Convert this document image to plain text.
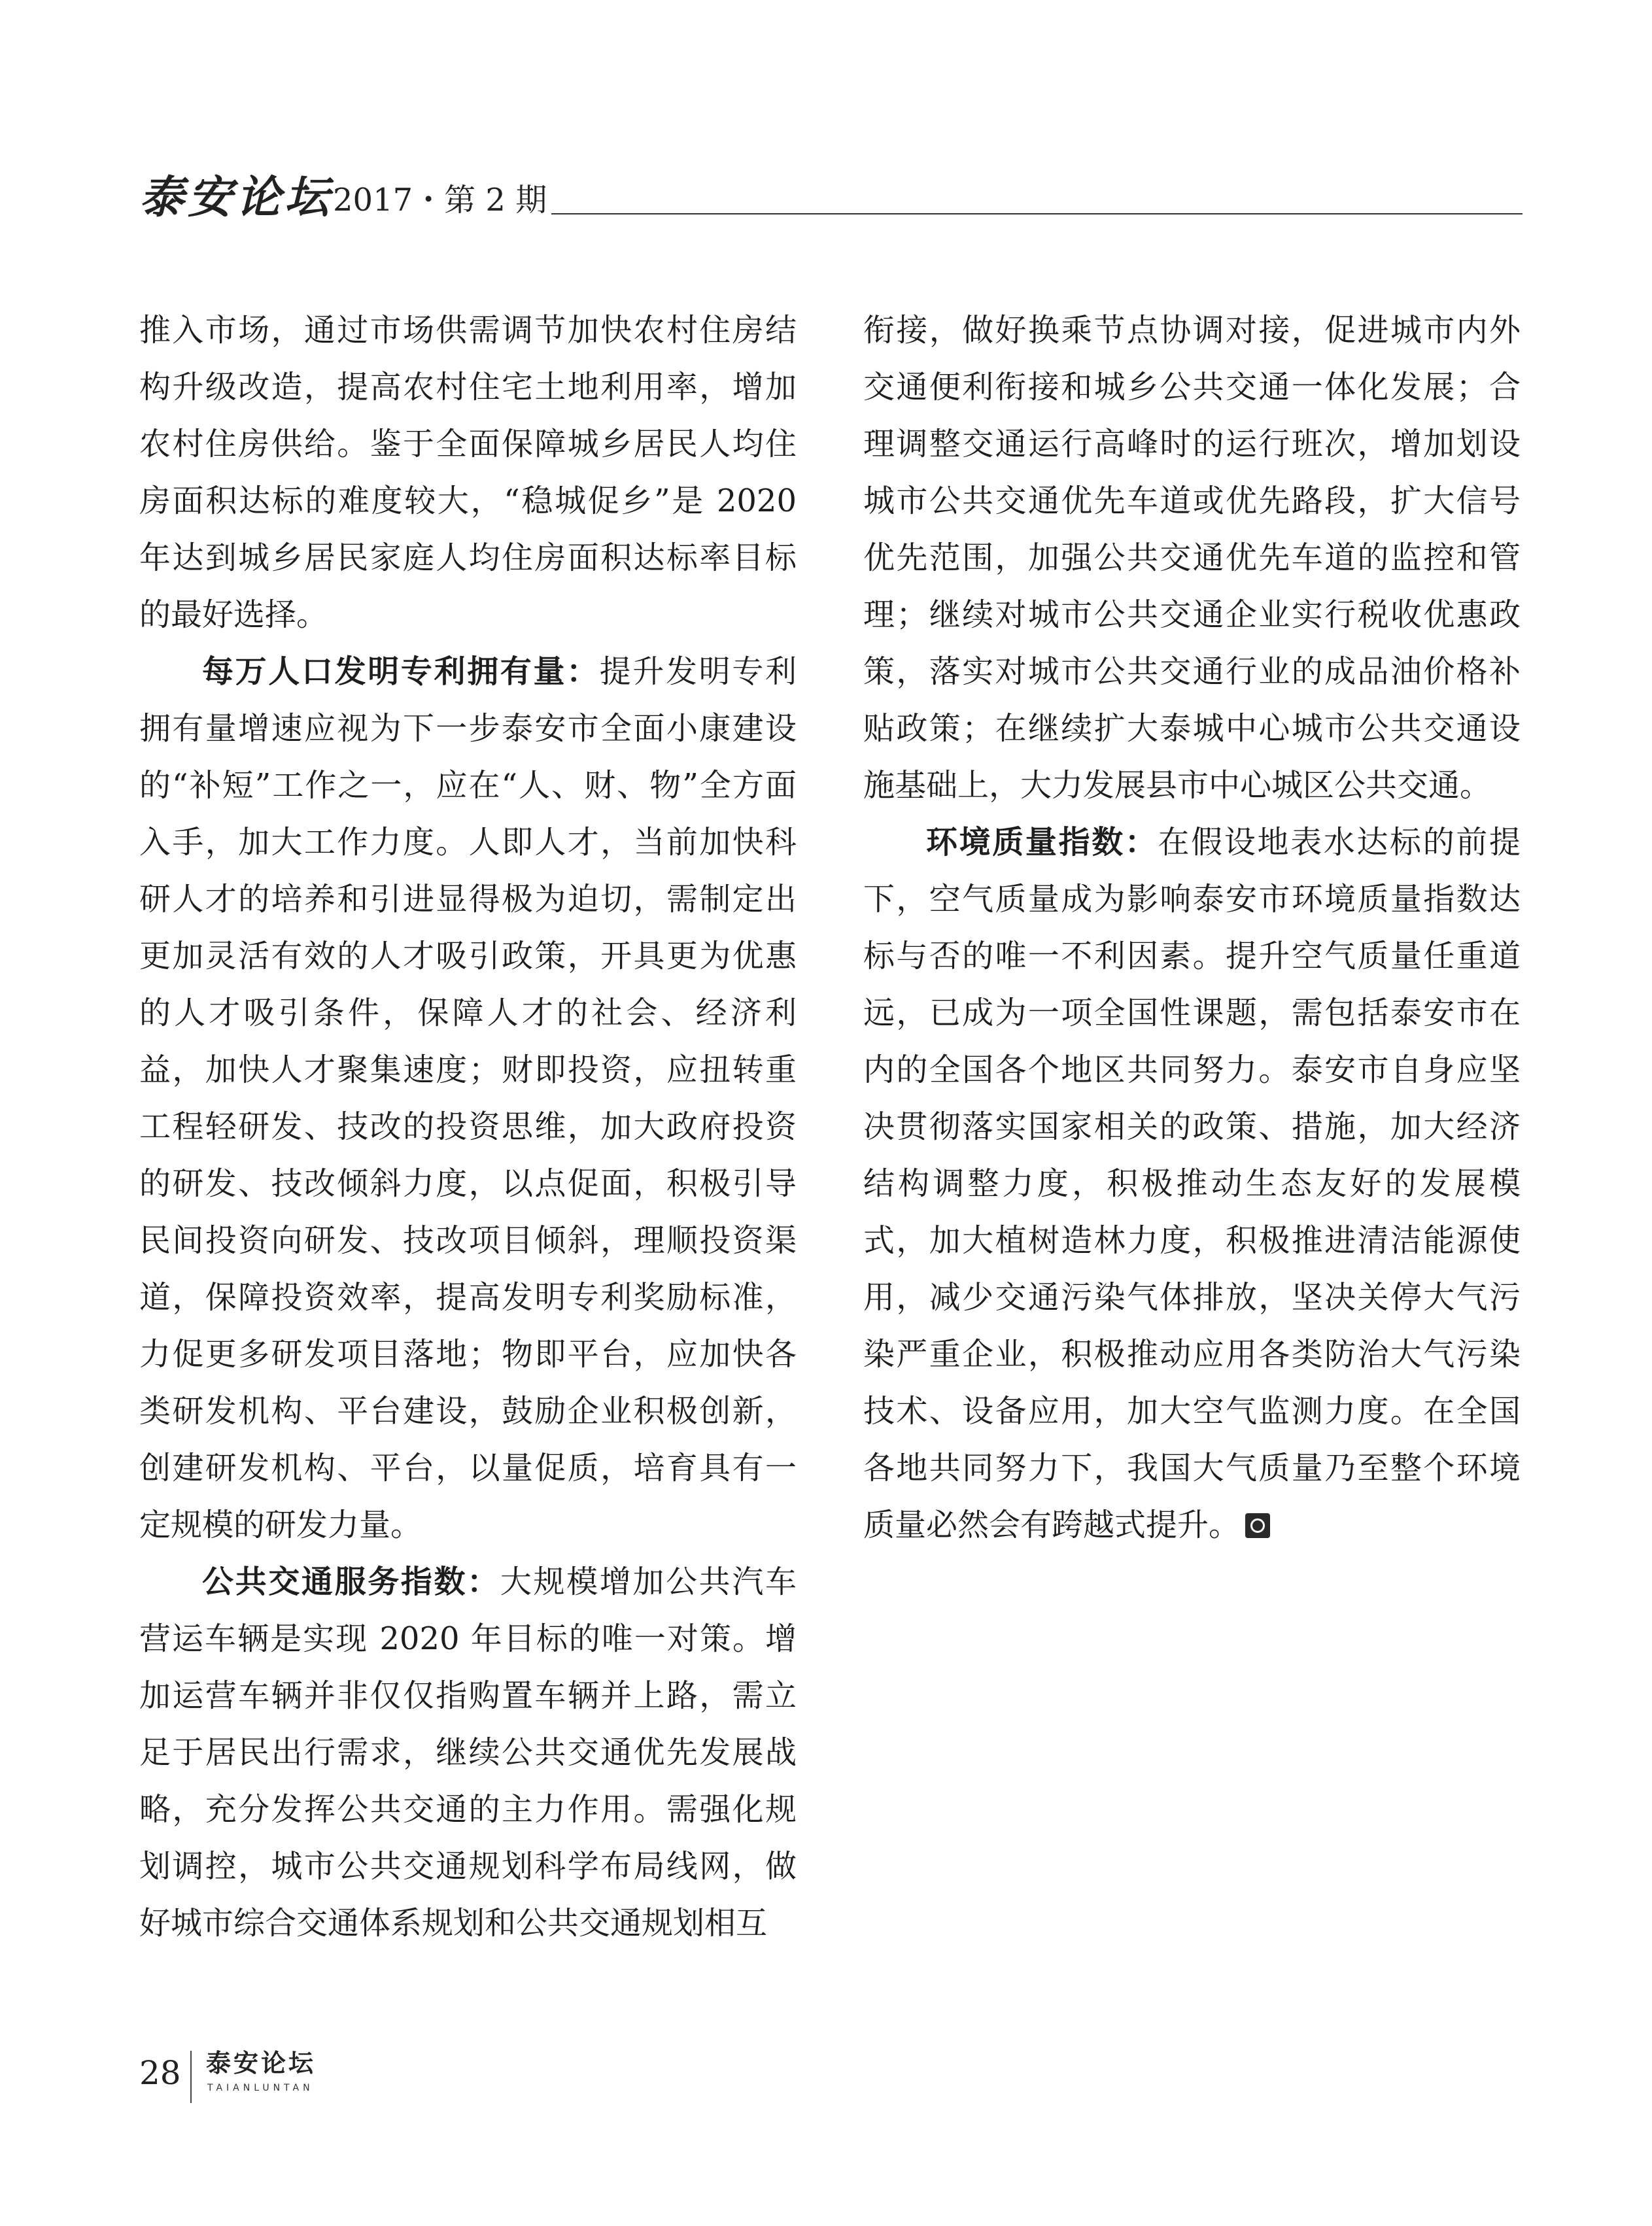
泰安论坛 2017・第 2 期

推入市场，通过市场供需调节加快农村住房结构升级改造，提高农村住宅土地利用率，增加农村住房供给。鉴于全面保障城乡居民人均住房面积达标的难度较大，“稳城促乡”是 2020 年达到城乡居民家庭人均住房面积达标率目标的最好选择。

每万人口发明专利拥有量：提升发明专利拥有量增速应视为下一步泰安市全面小康建设的“补短”工作之一，应在“人、财、物”全方面入手，加大工作力度。人即人才，当前加快科研人才的培养和引进显得极为迫切，需制定出更加灵活有效的人才吸引政策，开具更为优惠的人才吸引条件，保障人才的社会、经济利益，加快人才聚集速度；财即投资，应扭转重工程轻研发、技改的投资思维，加大政府投资的研发、技改倾斜力度，以点促面，积极引导民间投资向研发、技改项目倾斜，理顺投资渠道，保障投资效率，提高发明专利奖励标准，力促更多研发项目落地；物即平台，应加快各类研发机构、平台建设，鼓励企业积极创新，创建研发机构、平台，以量促质，培育具有一定规模的研发力量。

公共交通服务指数：大规模增加公共汽车营运车辆是实现 2020 年目标的唯一对策。增加运营车辆并非仅仅指购置车辆并上路，需立足于居民出行需求，继续公共交通优先发展战略，充分发挥公共交通的主力作用。需强化规划调控，城市公共交通规划科学布局线网，做好城市综合交通体系规划和公共交通规划相互

衔接，做好换乘节点协调对接，促进城市内外交通便利衔接和城乡公共交通一体化发展；合理调整交通运行高峰时的运行班次，增加划设城市公共交通优先车道或优先路段，扩大信号优先范围，加强公共交通优先车道的监控和管理；继续对城市公共交通企业实行税收优惠政策，落实对城市公共交通行业的成品油价格补贴政策；在继续扩大泰城中心城市公共交通设施基础上，大力发展县市中心城区公共交通。

环境质量指数：在假设地表水达标的前提下，空气质量成为影响泰安市环境质量指数达标与否的唯一不利因素。提升空气质量任重道远，已成为一项全国性课题，需包括泰安市在内的全国各个地区共同努力。泰安市自身应坚决贯彻落实国家相关的政策、措施，加大经济结构调整力度，积极推动生态友好的发展模式，加大植树造林力度，积极推进清洁能源使用，减少交通污染气体排放，坚决关停大气污染严重企业，积极推动应用各类防治大气污染技术、设备应用，加大空气监测力度。在全国各地共同努力下，我国大气质量乃至整个环境质量必然会有跨越式提升。

28 泰安论坛
TAIANLUNTAN
